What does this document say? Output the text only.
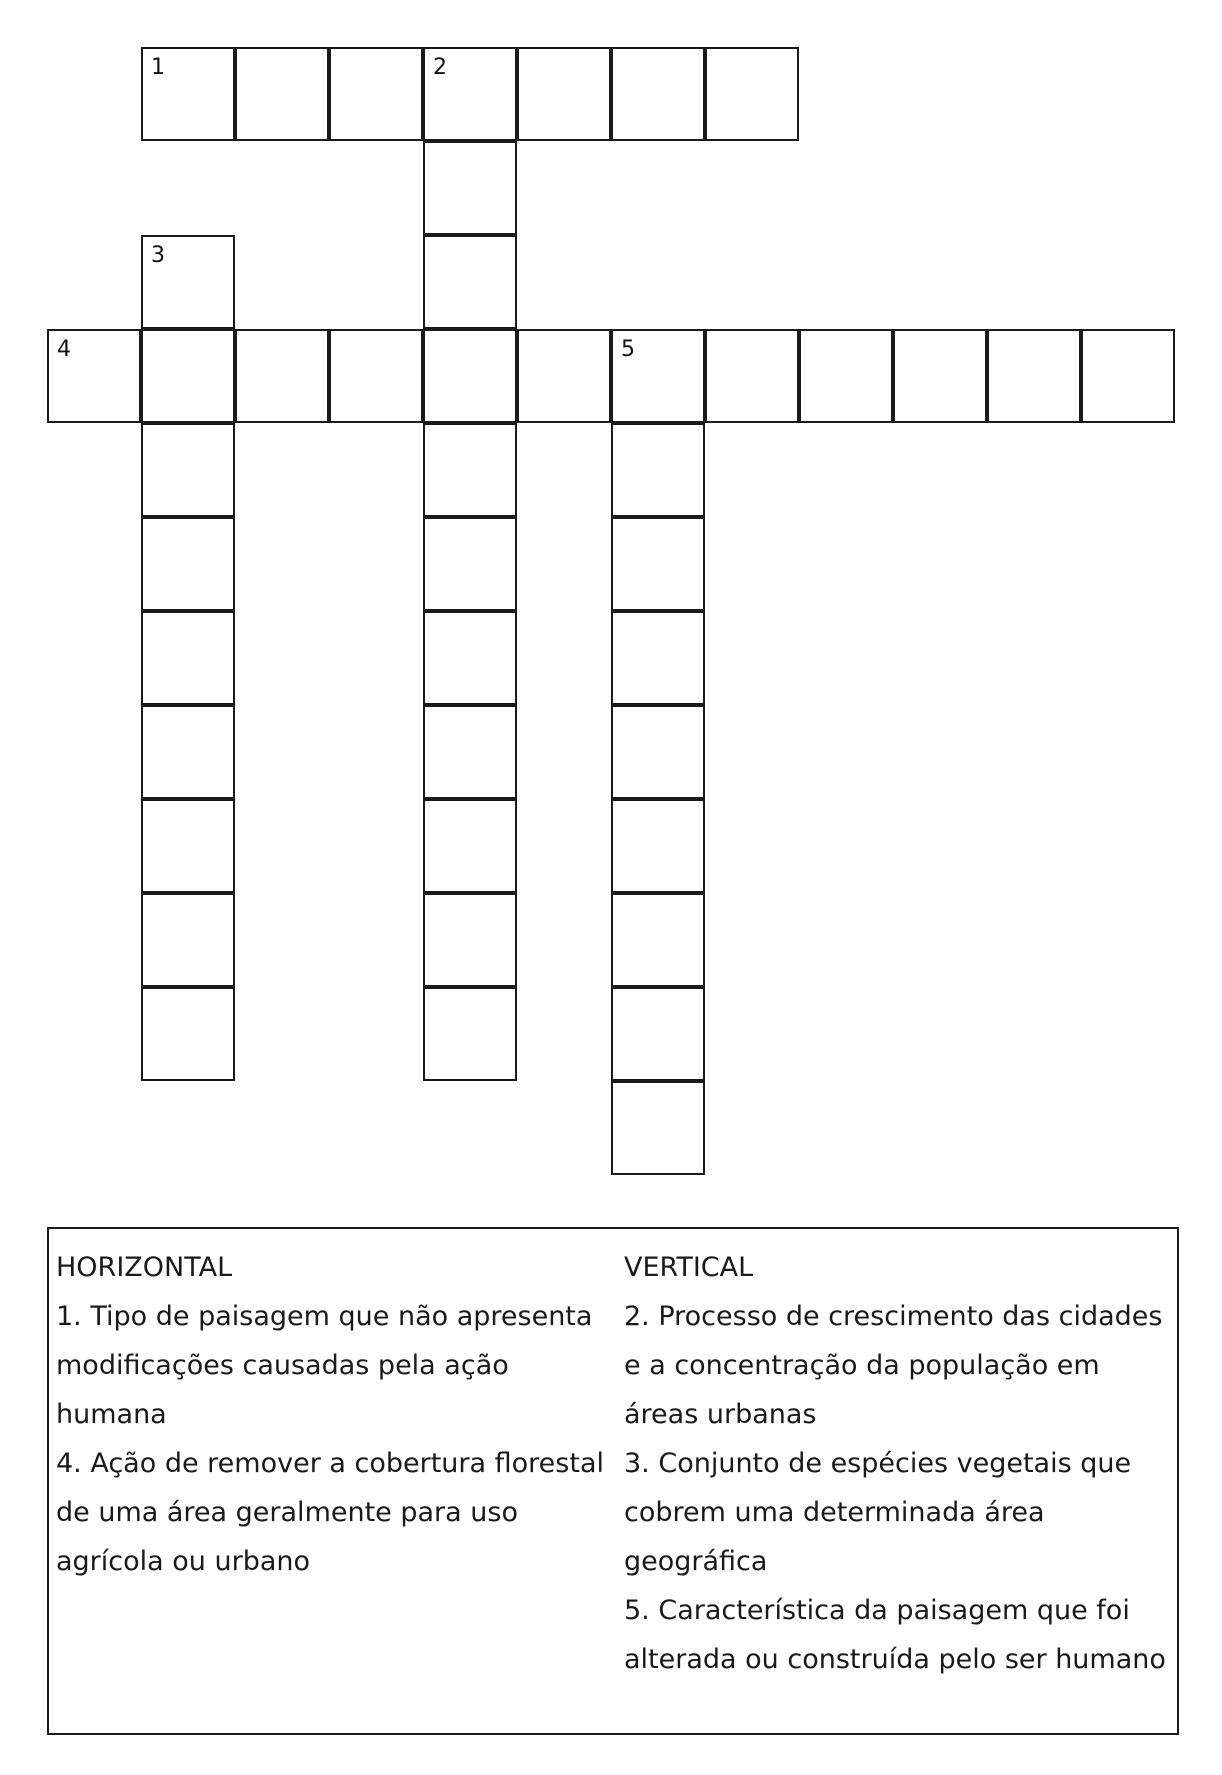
1	2
3
4	5
HORIZONTAL
1. Tipo de paisagem que não apresenta modificações causadas pela ação humana
4. Ação de remover a cobertura florestal de uma área geralmente para uso agrícola ou urbano
VERTICAL
2. Processo de crescimento das cidades e a concentração da população em áreas urbanas
3. Conjunto de espécies vegetais que cobrem uma determinada área geográfica
5. Característica da paisagem que foi alterada ou construída pelo ser humano
